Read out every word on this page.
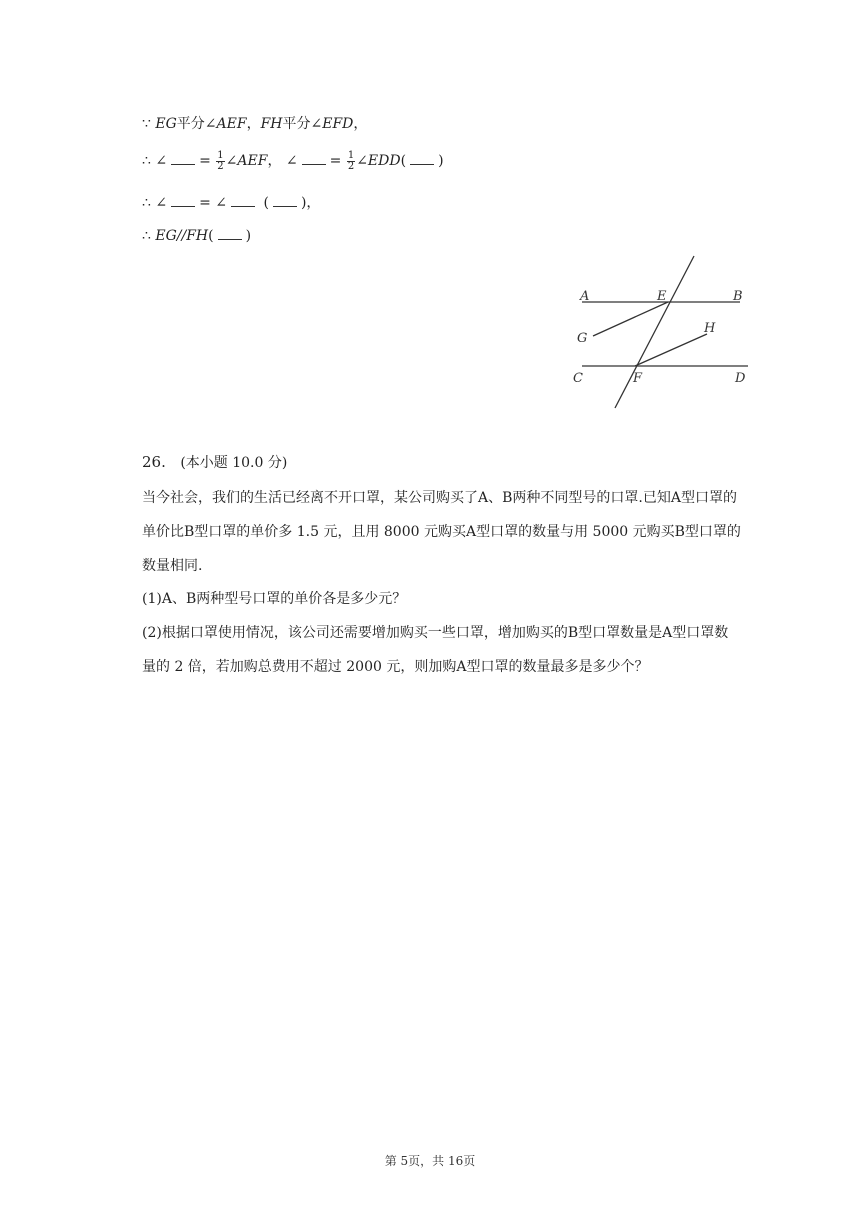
∵ EG平分∠AEF，FH平分∠EFD，
∴ ∠ = $\frac{1}{2}$ ∠AEF， ∠ = $\frac{1}{2}$ ∠EDD( )
∴ ∠ = ∠	( )，
∴ EG//FH( )
A	E	B
G
H
C	F	D
26. (本小题 10.0 分)
当今社会，我们的生活已经离不开口罩，某公司购买了A、B两种不同型号的口罩.已知A型口罩的单价比B型口罩的单价多 1.5 元，且用 8000 元购买A型口罩的数量与用 5000 元购买B型口罩的数量相同.
(1)A、B两种型号口罩的单价各是多少元？
(2)根据口罩使用情况，该公司还需要增加购买一些口罩，增加购买的B型口罩数量是A型口罩数量的 2 倍，若加购总费用不超过 2000 元，则加购A型口罩的数量最多是多少个？
第 5页，共 16页
